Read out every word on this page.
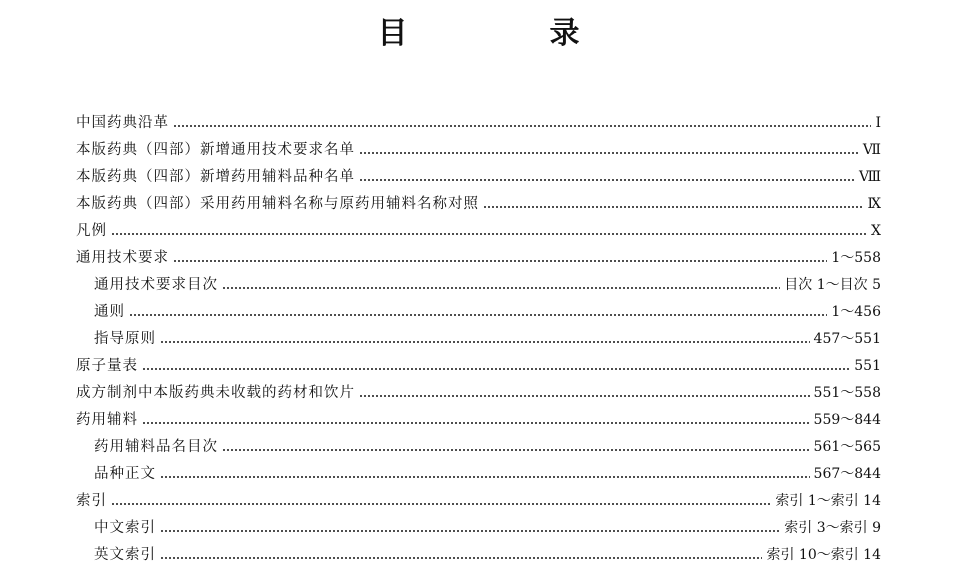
目　录
中国药典沿革	Ⅰ
本版药典（四部）新增通用技术要求名单	Ⅶ
本版药典（四部）新增药用辅料品种名单	Ⅷ
本版药典（四部）采用药用辅料名称与原药用辅料名称对照	Ⅸ
凡例	Ⅹ
通用技术要求	1～558
通用技术要求目次	目次 1～目次 5
通则	1～456
指导原则	457～551
原子量表	551
成方制剂中本版药典未收载的药材和饮片	551～558
药用辅料	559～844
药用辅料品名目次	561～565
品种正文	567～844
索引	索引 1～索引 14
中文索引	索引 3～索引 9
英文索引	索引 10～索引 14
